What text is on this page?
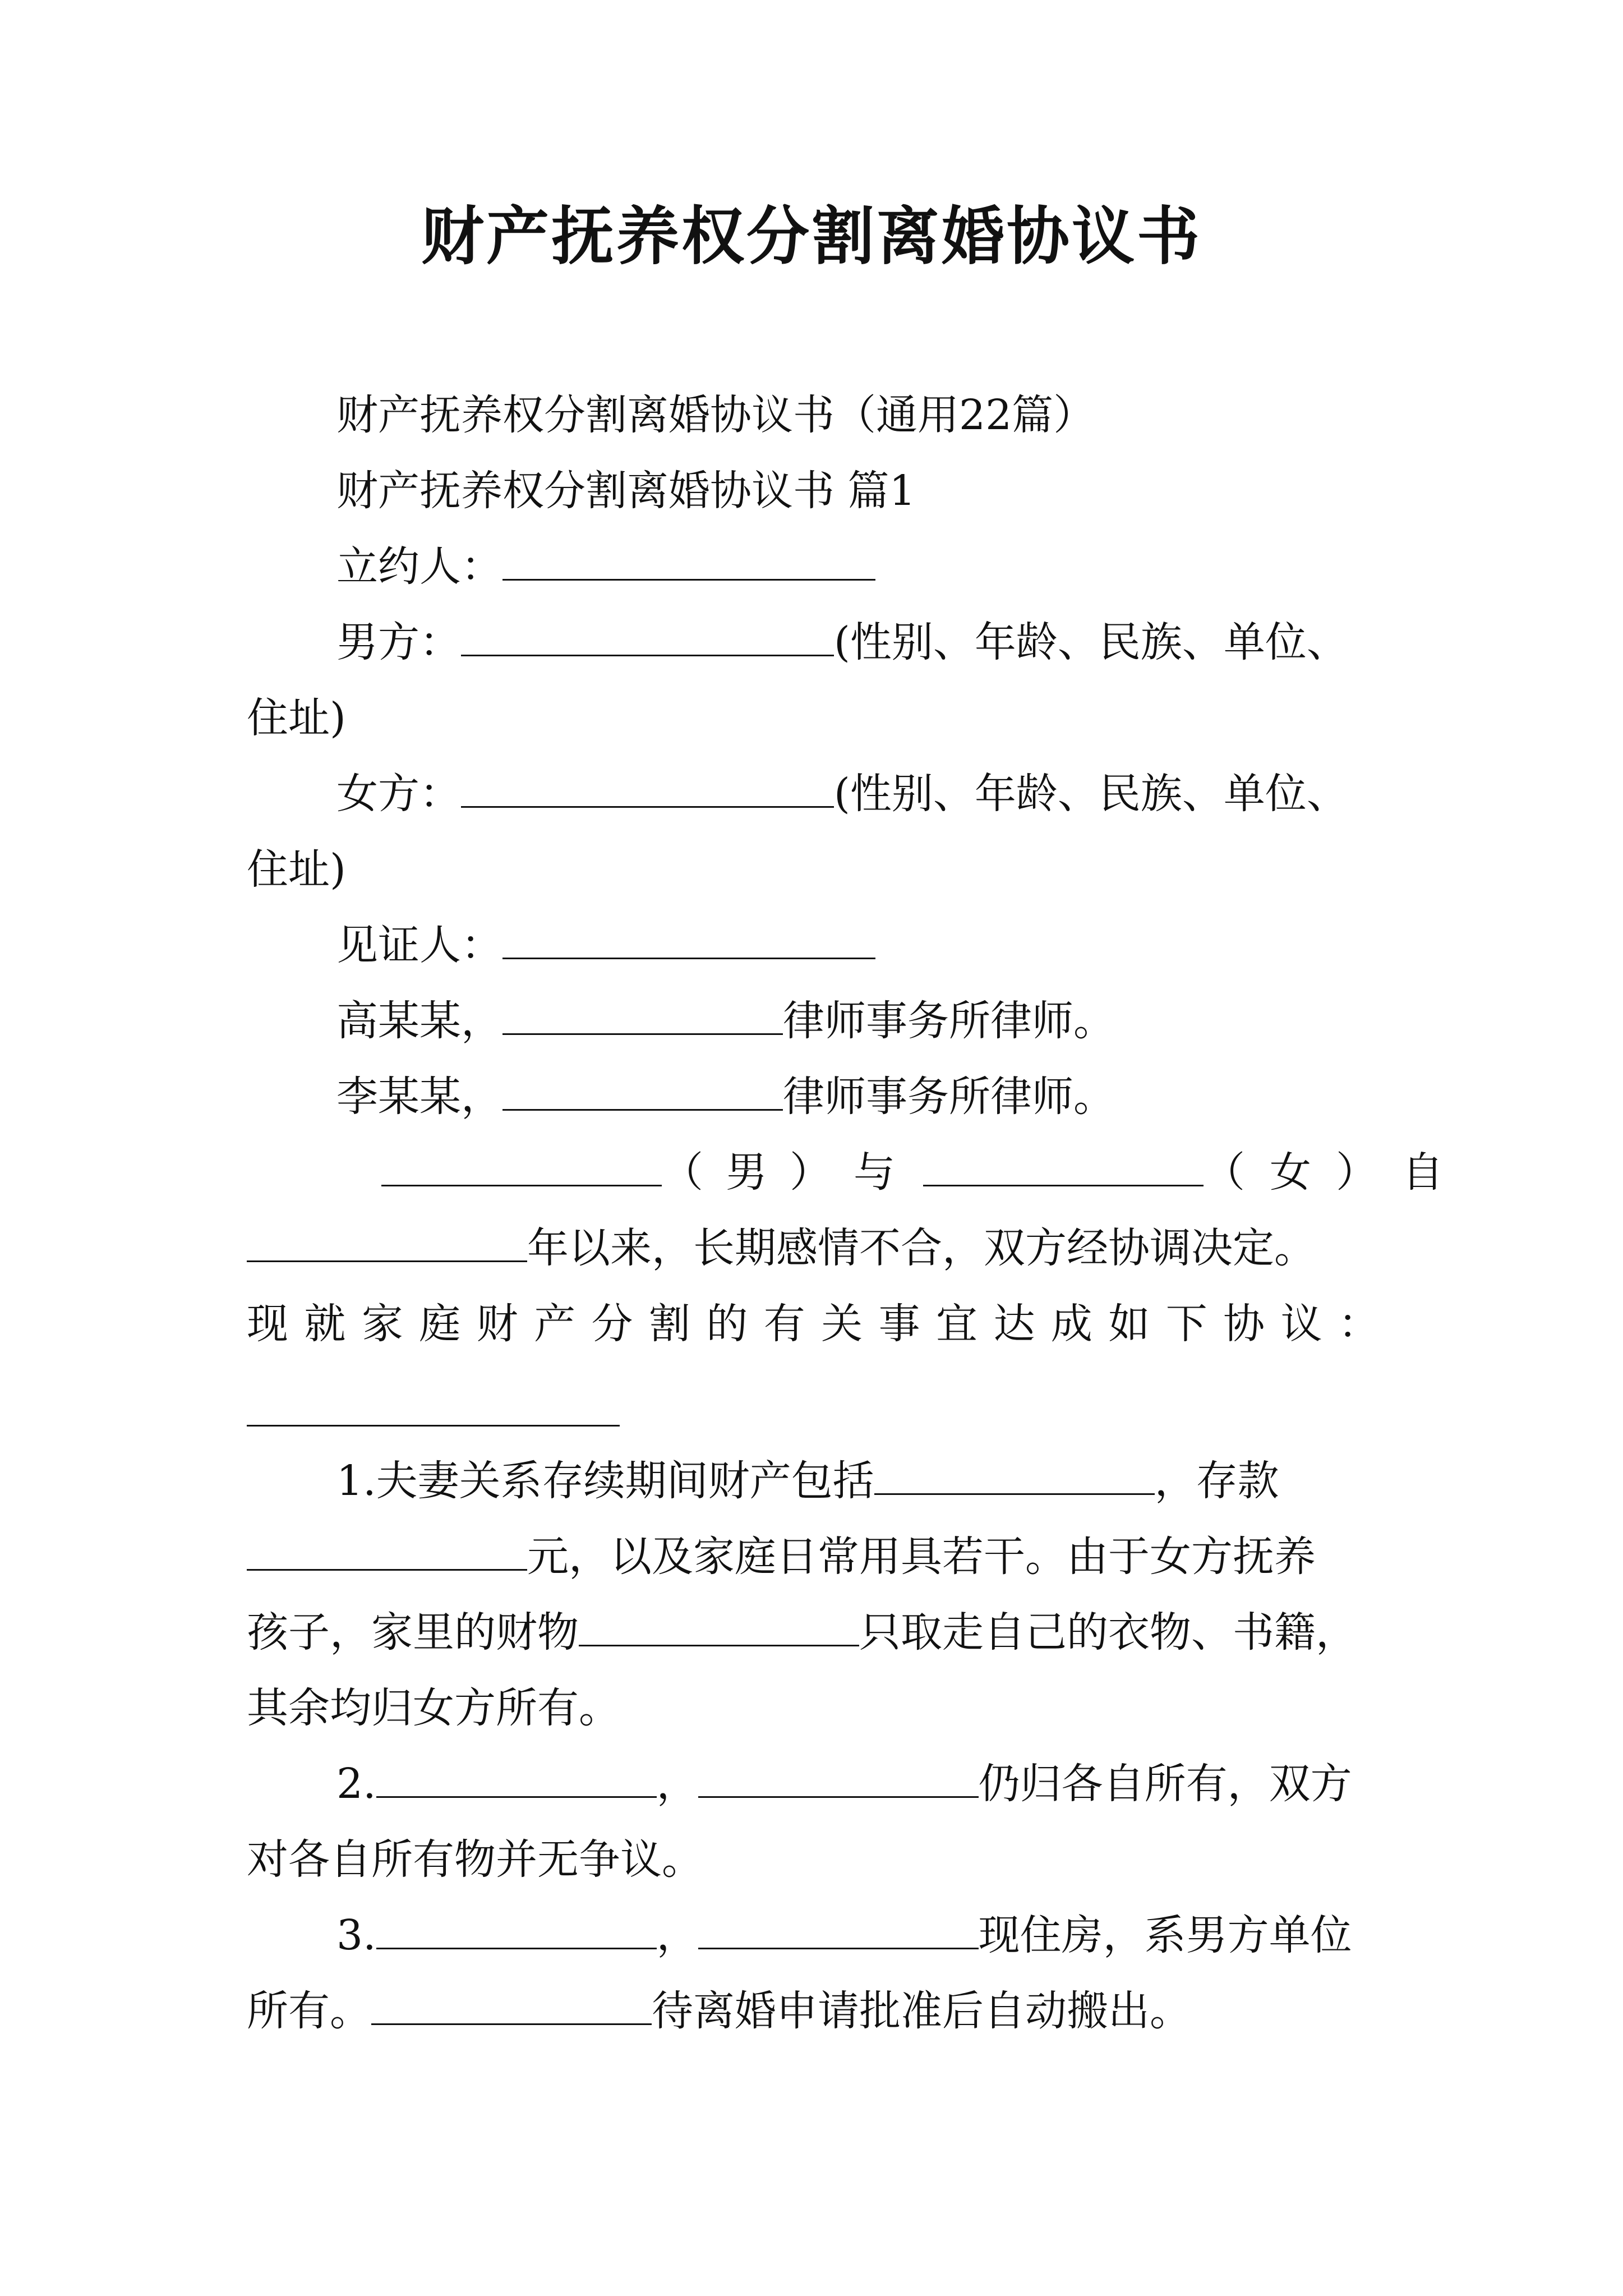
财产抚养权分割离婚协议书
财产抚养权分割离婚协议书（通用22篇）
财产抚养权分割离婚协议书 篇1
立约人：
男方：	(性别、年龄、民族、单位、
住址)
女方：	(性别、年龄、民族、单位、
住址)
见证人：
高某某，	律师事务所律师。
李某某，	律师事务所律师。
（男）与	（女）自
年以来，长期感情不合，双方经协调决定。
现就家庭财产分割的有关事宜达成如下协议：
1.夫妻关系存续期间财产包括	，存款
元，以及家庭日常用具若干。由于女方抚养
孩子，家里的财物	只取走自己的衣物、书籍，
其余均归女方所有。
2.	，	仍归各自所有，双方
对各自所有物并无争议。
3.	，	现住房，系男方单位
所有。	待离婚申请批准后自动搬出。
